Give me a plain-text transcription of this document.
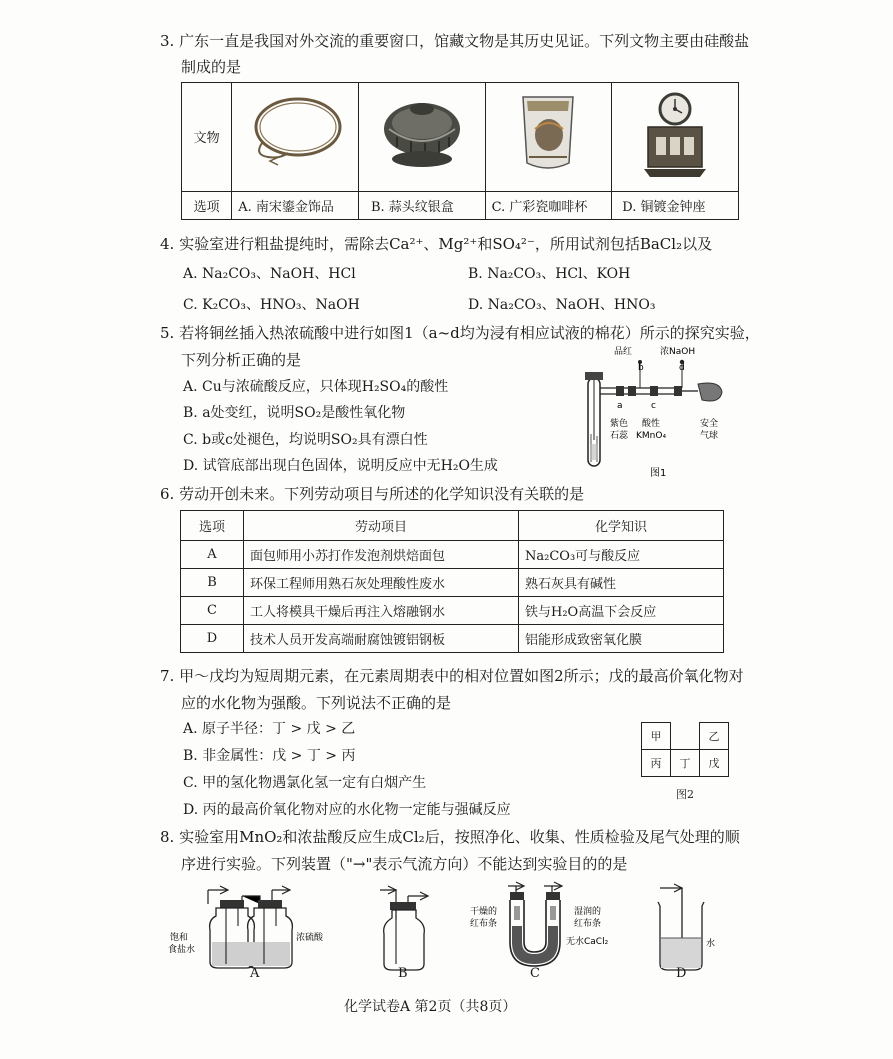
3. 广东一直是我国对外交流的重要窗口，馆藏文物是其历史见证。下列文物主要由硅酸盐
制成的是
文物				
选项	A. 南宋鎏金饰品	B. 蒜头纹银盒	C. 广彩瓷咖啡杯	D. 铜镀金钟座
4. 实验室进行粗盐提纯时，需除去Ca²⁺、Mg²⁺和SO₄²⁻，所用试剂包括BaCl₂以及
A. Na₂CO₃、NaOH、HCl	B. Na₂CO₃、HCl、KOH
C. K₂CO₃、HNO₃、NaOH	D. Na₂CO₃、NaOH、HNO₃
5. 若将铜丝插入热浓硫酸中进行如图1（a~d均为浸有相应试液的棉花）所示的探究实验，
下列分析正确的是
A. Cu与浓硫酸反应，只体现H₂SO₄的酸性
B. a处变红，说明SO₂是酸性氧化物
C. b或c处褪色，均说明SO₂具有漂白性
D. 试管底部出现白色固体，说明反应中无H₂O生成
品红	浓NaOH
b	d
a	c
紫色
石蕊
酸性
KMnO₄
安全
气球
图1
6. 劳动开创未来。下列劳动项目与所述的化学知识没有关联的是
选项	劳动项目	化学知识
A	面包师用小苏打作发泡剂烘焙面包	Na₂CO₃可与酸反应
B	环保工程师用熟石灰处理酸性废水	熟石灰具有碱性
C	工人将模具干燥后再注入熔融钢水	铁与H₂O高温下会反应
D	技术人员开发高端耐腐蚀镀铝钢板	铝能形成致密氧化膜
7. 甲～戊均为短周期元素，在元素周期表中的相对位置如图2所示；戊的最高价氧化物对
应的水化物为强酸。下列说法不正确的是
A. 原子半径：丁 > 戊 > 乙
B. 非金属性：戊 > 丁 > 丙
C. 甲的氢化物遇氯化氢一定有白烟产生
D. 丙的最高价氧化物对应的水化物一定能与强碱反应
甲		乙
丙	丁	戊
图2
8. 实验室用MnO₂和浓盐酸反应生成Cl₂后，按照净化、收集、性质检验及尾气处理的顺
序进行实验。下列装置（"→"表示气流方向）不能达到实验目的的是
饱和
食盐水
浓硫酸
A	B
干燥的
红布条
湿润的
红布条
无水CaCl₂
C
水
D
化学试卷A 第2页（共8页）
